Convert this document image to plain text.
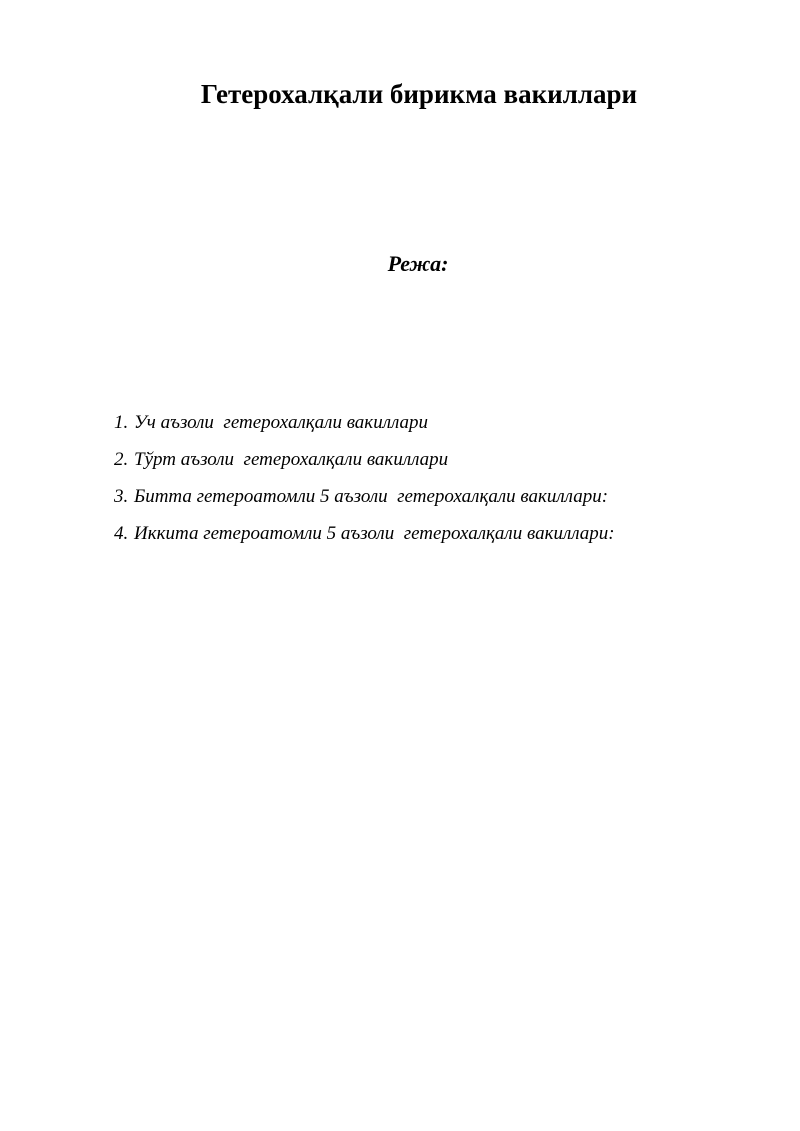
Гетерохалқали бирикма вакиллари
Режа:
1. Уч аъзоли  гетерохалқали вакиллари
2. Тўрт аъзоли  гетерохалқали вакиллари
3. Битта гетероатомли 5 аъзоли  гетерохалқали вакиллари:
4. Иккита гетероатомли 5 аъзоли  гетерохалқали вакиллари:
